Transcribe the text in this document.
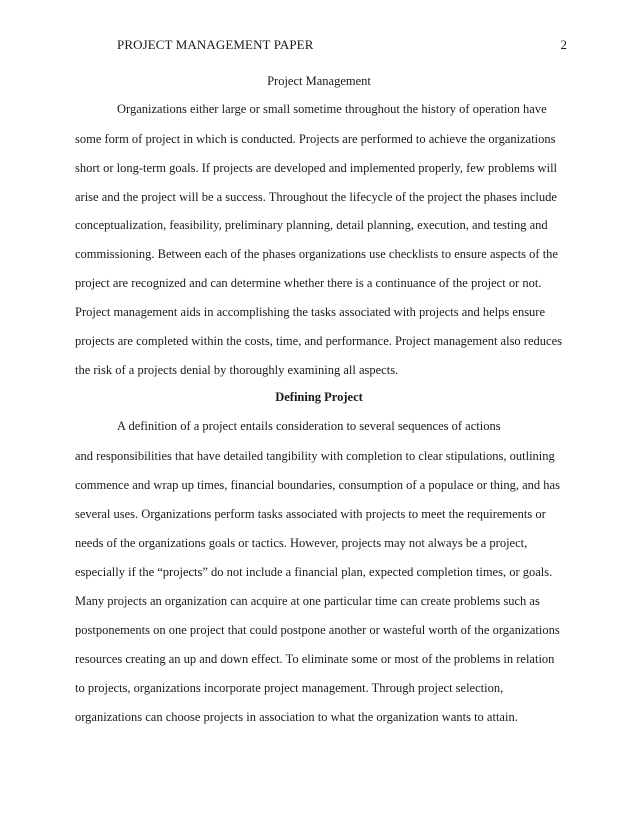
PROJECT MANAGEMENT PAPER	2
Project Management
Organizations either large or small sometime throughout the history of operation have
some form of project in which is conducted. Projects are performed to achieve the organizations
short or long-term goals. If projects are developed and implemented properly, few problems will
arise and the project will be a success. Throughout the lifecycle of the project the phases include
conceptualization, feasibility, preliminary planning, detail planning, execution, and testing and
commissioning. Between each of the phases organizations use checklists to ensure aspects of the
project are recognized and can determine whether there is a continuance of the project or not.
Project management aids in accomplishing the tasks associated with projects and helps ensure
projects are completed within the costs, time, and performance. Project management also reduces
the risk of a projects denial by thoroughly examining all aspects.
Defining Project
A definition of a project entails consideration to several sequences of actions
and responsibilities that have detailed tangibility with completion to clear stipulations, outlining
commence and wrap up times, financial boundaries, consumption of a populace or thing, and has
several uses. Organizations perform tasks associated with projects to meet the requirements or
needs of the organizations goals or tactics. However, projects may not always be a project,
especially if the “projects” do not include a financial plan, expected completion times, or goals.
Many projects an organization can acquire at one particular time can create problems such as
postponements on one project that could postpone another or wasteful worth of the organizations
resources creating an up and down effect. To eliminate some or most of the problems in relation
to projects, organizations incorporate project management. Through project selection,
organizations can choose projects in association to what the organization wants to attain.
